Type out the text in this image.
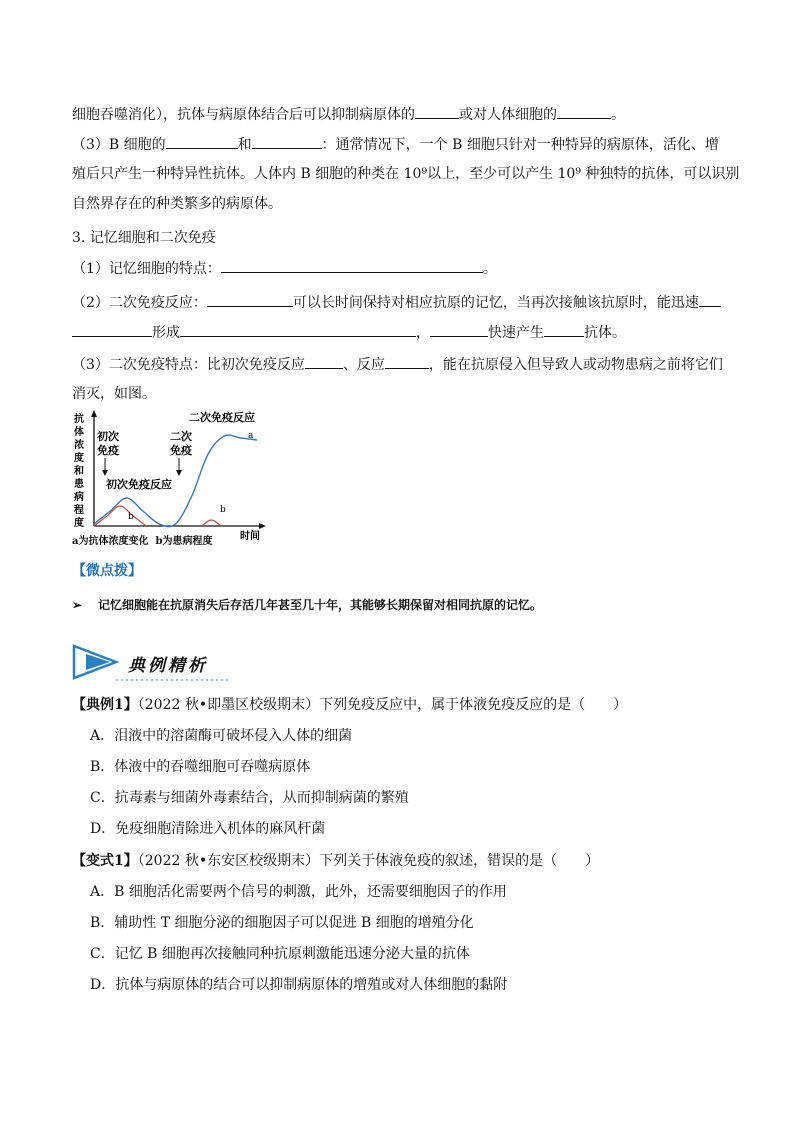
细胞吞噬消化），抗体与病原体结合后可以抑制病原体的	或对人体细胞的	。
（3）B 细胞的	和	：通常情况下，一个 B 细胞只针对一种特异的病原体，活化、增
殖后只产生一种特异性抗体。人体内 B 细胞的种类在 10⁹以上，至少可以产生 10⁹ 种独特的抗体，可以识别
自然界存在的种类繁多的病原体。
3. 记忆细胞和二次免疫
（1）记忆细胞的特点：	。
（2）二次免疫反应：	可以长时间保持对相应抗原的记忆，当再次接触该抗原时，能迅速
形成	，	快速产生	抗体。
（3）二次免疫特点：比初次免疫反应	、反应	，能在抗原侵入但导致人或动物患病之前将它们
消灭，如图。
抗
体
浓
度
和
患
病
程
度
时间
初次
免疫
二次
免疫
初次免疫反应
二次免疫反应
a
b
b
a为抗体浓度变化 b为患病程度
【微点拨】
➢ 记忆细胞能在抗原消失后存活几年甚至几十年，其能够长期保留对相同抗原的记忆。
典例精析
【典例1】（2022 秋•即墨区校级期末）下列免疫反应中，属于体液免疫反应的是（　　）
A．泪液中的溶菌酶可破坏侵入人体的细菌
B．体液中的吞噬细胞可吞噬病原体
C．抗毒素与细菌外毒素结合，从而抑制病菌的繁殖
D．免疫细胞清除进入机体的麻风杆菌
【变式1】（2022 秋•东安区校级期末）下列关于体液免疫的叙述，错误的是（　　）
A．B 细胞活化需要两个信号的刺激，此外，还需要细胞因子的作用
B．辅助性 T 细胞分泌的细胞因子可以促进 B 细胞的增殖分化
C．记忆 B 细胞再次接触同种抗原刺激能迅速分泌大量的抗体
D．抗体与病原体的结合可以抑制病原体的增殖或对人体细胞的黏附
